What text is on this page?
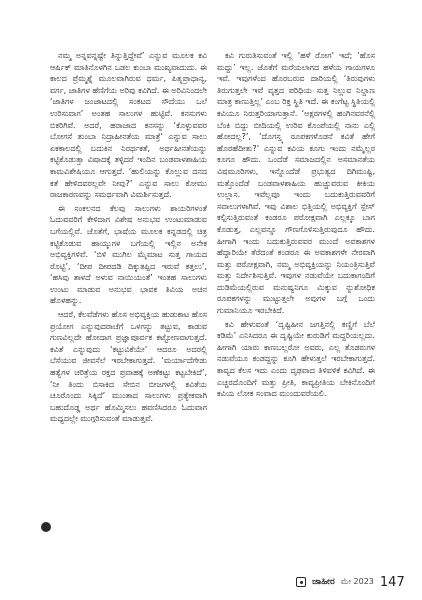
ನಮ್ಮ ಅನ್ನವನ್ನಷ್ಟೇ ತಿನ್ನುತ್ತಿದ್ದೇವೆ’ ಎನ್ನುವ ಮೂಲಕ ಕವಿ ಆರ್ಷಿಕ್ ಮಾತಿನೊಳಗಿನ ಒಡಲ ಕುಂಬಾ ಮುಖ್ಯವಾದುದು. ಈ ಕಾಲದ ಪ್ರೆಮ್ಮಶ್ನೆ ಮೂಲವಾಗಿರುವ ಧರ್ಮ, ಪಿತೃಪ್ರಾಧಾನ್ಯ, ವರ್ಗ, ಜಾತಿಗಳ ಹೆಣಿಗೆಯ ಅರಿವು ಕವಿಗಿದೆ. ಈ ಅರಿವಿನಿಂದಲೇ ‘ಜಾತಿಗಳ ಜಂಜಾಟದಲ್ಲಿ ಸಂಕಟದ ಸೌದೆಯು ಒಲೆ ಉರಿಸುವಾಗ’ ಅಂತಹ ಸಾಲುಗಳ ಹುಟ್ಟಿವೆ. ಕನಸುಗಳು ಬಿಕರಿಗಿವೆ. ಅದರೆ, ಹರಾಜಾದ ಕನಸನ್ನು ‘ಕೊಳ್ಳುವವರ ಬೋಗಸೆ ತುಂಬಾ ನಿದ್ರಾಹೀನತೆಯ ಮಾತ್ರೆ’ ಎನ್ನುವ ಸಾಲು ಏಕಕಾಲದಲ್ಲಿ ಬದುಕಿನ ನಿರರ್ಥಕತೆ, ಅರ್ಥಹೀನತೆಯನ್ನು ಕಟ್ಟಿಕೊಡುತ್ತಾ ವಿಷಾದಕ್ಕೆ ತಳ್ಳಿದರೆ ಇಂದಿನ ಬಂಡವಾಳಶಾಹಿಯ ಕಾಮವಿಶೇಷಿಯೂ ಆಗುತ್ತದೆ. ‘ಹುಲಿಯನ್ನು ಕೊಲ್ಲುವ ದನದ ಕತೆ ಹೇಳಿದವರಲ್ಲವೇ ನೀವು?’ ಎನ್ನುವ ಸಾಲು ಕೋಮು ರಾಜಕಾರಣವನ್ನು ಸಮರ್ಥವಾಗಿ ವಿಮರ್ಶಿಸುತ್ತದೆ.

ಈ ಸಂಕಲನದ ಕೆಲವು ಸಾಲುಗಳು ಶಾಯರಿಗಳಂತೆ ಓದುವವರಿಗೆ ಕೇಳಿದಾಗ ವಿಶೇಷ ಅನುಭವ ಉಂಟುಮಾಡುವ ಬಗೆಯಲ್ಲಿವೆ. ಜೊತೆಗೆ, ಭಾಷೆಯ ಮೂಲಕ ಕನ್ನಡದಲ್ಲಿ ಚಿತ್ರ ಕಟ್ಟಿಕೊಡುವ ಹಾಯ್ಕುಗಳ ಬಗೆಯಲ್ಲಿ ಇಲ್ಲಿನ ಅನೇಕ ಅಭಿವ್ಯಕ್ತಿಗಳಿವೆ. ‘ಬಿಳಿ ಮುಗಿಲ ಮೈಮಾಟ ಸುತ್ತ ಗಾಯದ ರೊಟ್ಟಿ’, ‘ದೀಪ ದೀಪದಡಿ ದಿಕ್ಕುತಪ್ಪಿದ ಇರುವೆ ಕತ್ತಲು’, ‘ಹಸಿವು ತಾಳದೆ ಅಳುವ ನಾಯಿಯಂತೆ’ ಇಂತಹ ಸಾಲುಗಳು ಉಂಟು ಮಾಡುವ ಅನುಭವ ಭಾವಕ ತಿವಿಯ ಅಚಿನ ಹೊಳಹನ್ನು.

ಆದರೆ, ಕೆಲವೆಡೆಗಳು ಹೊಸ ಅಭಿವ್ಯಕ್ತಿಯ ಹುಡುಕಾಟ ಹೊಸ ಪ್ರಯೋಗ ಎನ್ನುವುದರಾಚೆಗೆ ಒಳಗನ್ನು ತಟ್ಟುವ, ಕಾಡುವ ಗುಣವಿಲ್ಲದೇ ಹೋದಾಗ ಪ್ರಜ್ಞಾಪೂರ್ವಕ ಕಟ್ಟೋಣವಾಗುತ್ತದೆ. ಕವಿತೆ ಎನ್ನುವುದು ‘ಕಟ್ಟುವಿಕೆಯೇ’ ಆದರೂ ಅದರಲ್ಲಿ ಬೆಸೆಯುವ ಜೀವಸೆಲೆ ಇರಬೇಕಾಗುತ್ತದೆ. ‘ಮರ್ಯಾದೆಗೇಡು ಹತ್ಯೆಗಳ ಚರಿತ್ರೆಯ ರಕ್ತದ ಪ್ರವಾಹಕ್ಕೆ ಅಣೆಕಟ್ಟು ಕಟ್ಟಬೇಕಿದೆ’, ‘ನೀ ತಿಂದು ಬಿಸಾಕಿದ ಸೇಬಿನ ಬೀಜಗಳಲ್ಲಿ ಕವಿತೆಯ ಚೂರೊಂದು ಸಿಕ್ಕಿದೆ’ ಮುಂತಾದ ಸಾಲುಗಳು ಪ್ರತ್ಯೇಕವಾಗಿ ಬಹುದೊಡ್ಡ ಅರ್ಥ ಹೊಮ್ಮಿಸಲು ಹವಣಿಸಿದರೂ ಓದುವಾಗ ಮಧ್ಯದಲ್ಲೇ ಮುಗ್ಗರಿಸುವಂತೆ ಮಾಡುತ್ತವೆ.

ಕವಿ ಗುರುತಿಸುವಂತೆ ಇಲ್ಲಿ ‘ಹಳೆ ರೋಗ’ ಇದೆ; ‘ಹೊಸ ಮದ್ದು’ ಇಲ್ಲ. ಜೊತೆಗೆ ಮರೆಯಲಾಗದ ಹಳೆಯ ಗಾಯಗಳೂ ಇವೆ. ಇವುಗಳೆಂದ ಹೊರಬರುವ ದಾರಿಯಲ್ಲಿ ‘ತಿರುವುಗಳು ತಿರುಗುತ್ತಲೇ ಇವೆ ವೃತ್ತದ ಪರಿಧಿಯ ಸುತ್ತ ನಿಲ್ಲುವ ನಿಲ್ದಾಣ ಮಾತ್ರ ಕಾಣುತ್ತಿಲ್ಲ’ ಎಂಬ ರಿಕ್ತ ಸ್ಥಿತಿ ಇದೆ. ಈ ಕಂಗೆಟ್ಟ ಸ್ಥಿತಿಯಲ್ಲಿ ಕವಿಯೂ ನಿರುತ್ತರಿಯಾಗುತ್ತಾನೆ. ‘ಅಕ್ಷರಗಳಲ್ಲಿ ಹಂಗಿನವರನೆಲ್ಲಿ ಬೆಂಕಿ ಬಿದ್ದು ಬೀದಿಯಲ್ಲಿ ಉರಿವ ಕೊಂಪೆಯಲ್ಲಿ ನಾನು ಎಲ್ಲಿ ಹೋದಲ್ಲ?’, ‘ದೊಗಸ್ತ್ಕ ರೂಪಕಗಳೊಡನೆ ಕವಿತೆ ಹೇಗೆ ಹೊರಹೆದೀತು?’ ಎನ್ನುವ ಕವಿಯ ಕೂಗು ಇಂದು ನಮ್ಮೆಲ್ಲರ ಕೂಗೂ ಹೌದು. ಒಂದೆಡೆ ಸಮಾಜದಲ್ಲಿನ ಅಸಮಾನತೆಯ ವಿಷಮೂರಿಗಳು, ಇನ್ನೊಂದೆಡೆ ಪ್ರಭುತ್ವದ ದಿಗಿಮುಷ್ಟಿ, ಮತ್ತೊಂದೆಡೆ ಬಂಡವಾಳಶಾಹಿಯ ಹುಚ್ಚುವರುವ ಕೀಕಿಯ ಉಲ್ಲಾಸ. ಇವೆಲ್ಲವೂ ಇಂದು ಬದುಕುತ್ತಿರುವವರಿಗೆ ಸವಾಲುಗಳಾಗಿವೆ. ಇವು ವಿಶಾಲ ಭಿತ್ತಿಯಲ್ಲಿ ಅಭಿವ್ಯಕ್ತಿಗೆ ಸ್ಪೇಸ್ ಕಲ್ಪಿಸುತ್ತಿರುವಂತೆ ಕಂಡರೂ ಪರೋಕ್ಷವಾಗಿ ಎಲ್ಲಕ್ಕೂ ಬಾಗ ಕೊಡುತ್ತ, ಎಲ್ಲವನ್ನೂ ಗೌಣಗೊಳಿಸುತ್ತಿರುವುದೂ ಹೌದು. ಹೀಗಾಗಿ ಇಂದು ಬದುಕುತ್ತಿರುವವರ ಮುಂದೆ ಅವಕಾಶಗಳ ಹೆದ್ದಾರಿಯೇ ತೆರೆದಂತೆ ಕಂಡರೂ ಈ ಅವಕಾಶಗಳೇ ನೇರವಾಗಿ ಮತ್ತು ಪರೋಕ್ಷವಾಗಿ, ನಮ್ಮ ಅಭಿವ್ಯಕ್ತಿಯನ್ನು ನಿಯಂತ್ರಿಸುತ್ತಿವೆ ಮತ್ತು ನಿರ್ದೇಶಿಸುತ್ತಿವೆ. ಇವುಗಳ ನಡುವೆಯೇ ಬದುಕಾಗಂದಿಗೆ ದುಡಿಮೆಯಲ್ಲಿರುವ ಮನುಷ್ಯನಿಗೂ ಮಿಕ್ಕುವ ನ್ನುಶೋಧಿಕ ರೂಪಕಗಳನ್ನು ಮುಟ್ಟುತ್ತಲೇ ಅವುಗಳ ಬಗ್ಗೆ ಒಂದು ಗುಮಾನಿಯೂ ಇರಬೇಕಿದೆ.

ಕವಿ ಹೇಳುವಂತೆ ‘ದೃಷ್ಟಿಹೀನ ಜಗತ್ತಿನಲ್ಲಿ ಕಣ್ಣಿಗೆ ಬೆಲೆ ಕಡಿಮೆ’ ಎನಿಸಿದರೂ ಈ ದೃಷ್ಟಿಯೇ ಕುರುಡಿಗೆ ಮದ್ದರಿಯಲ್ಲದು. ಹೀಗಾಗಿ ಯಾರು ಕಾಣಬಲ್ಲರೋ ಅವರು, ಎಲ್ಲ ತೊಡರುಗಳ ನಡುವೆಯೂ ಕಂಡದ್ದನ್ನು ಕೂಗಿ ಹೇಳುತ್ತಲೆ ಇರಬೇಕಾಗುತ್ತದೆ. ಕಾವ್ಯದ ಕೆಲಸ ಇದು ಎಂದು ದೃಢವಾದ ತಿಳಿವಳಿಕೆ ಕವಿಗಿದೆ. ಈ ಎಚ್ಚರದೊಂದಿಗೆ ಮತ್ತು ಪ್ರೀತಿ, ಕಾವ್ಯಪ್ರೀತಿಯ ಬೇಕಿನೊಂದಿಗೆ ಕವಿಯ ಲೋಕ ಸಂವಾದ ಮುಂದುವರೆಯಲಿ.

ಜಾಹೀರ ಮೇ 2023 147
